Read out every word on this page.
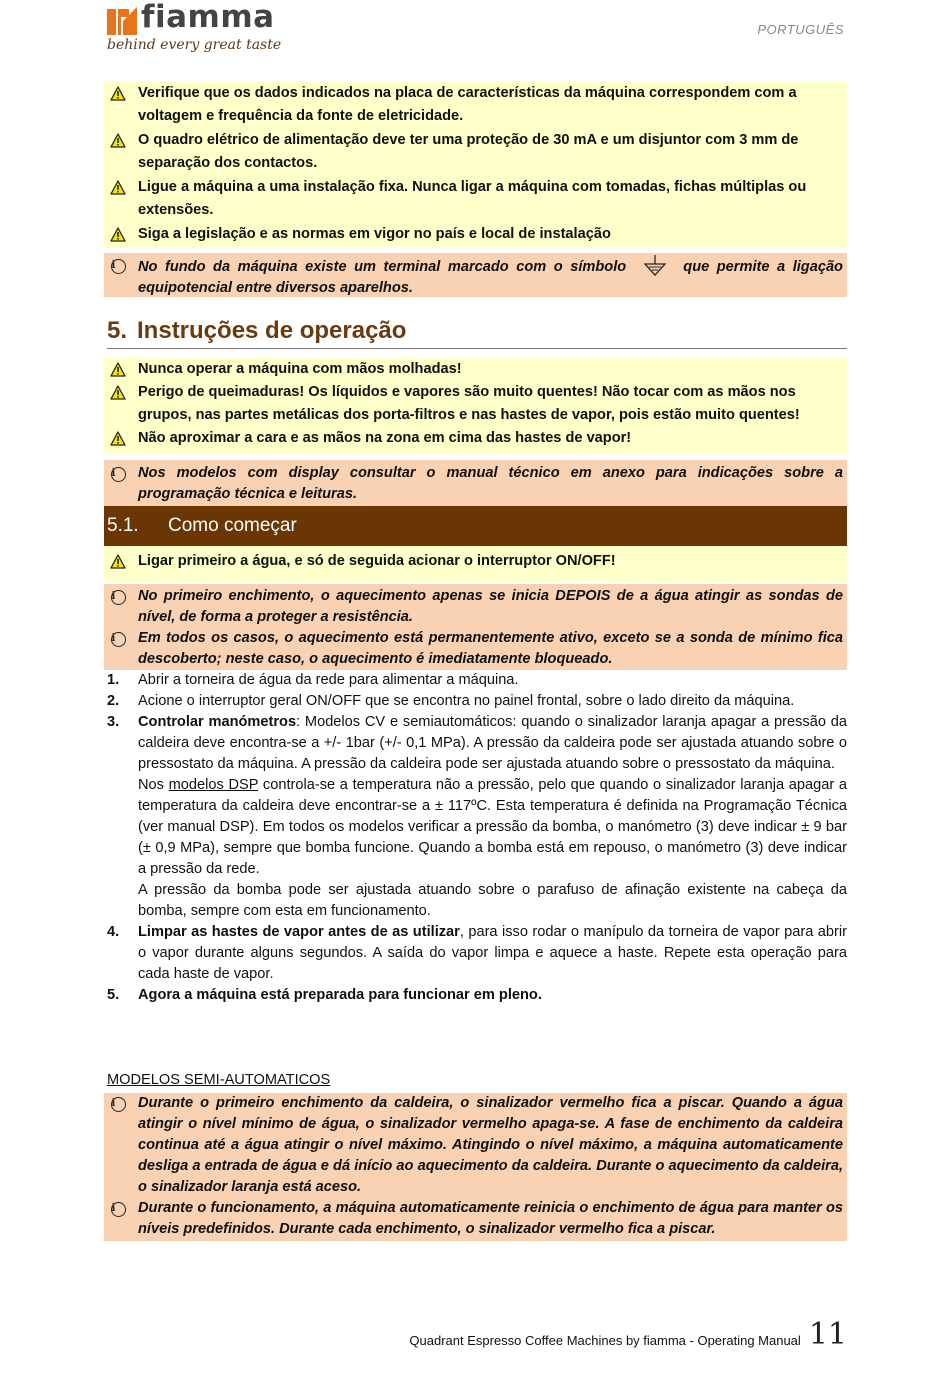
fiamma
behind every great taste
PORTUGUÊS
Verifique que os dados indicados na placa de características da máquina correspondem com a voltagem e frequência da fonte de eletricidade.
O quadro elétrico de alimentação deve ter uma proteção de 30 mA e um disjuntor com 3 mm de separação dos contactos.
Ligue a máquina a uma instalação fixa. Nunca ligar a máquina com tomadas, fichas múltiplas ou extensões.
Siga a legislação e as normas em vigor no país e local de instalação
i	No fundo da máquina existe um terminal marcado com o símbolo	que permite a ligação equipotencial entre diversos aparelhos.
5. Instruções de operação
Nunca operar a máquina com mãos molhadas!
Perigo de queimaduras! Os líquidos e vapores são muito quentes! Não tocar com as mãos nos grupos, nas partes metálicas dos porta-filtros e nas hastes de vapor, pois estão muito quentes!
Não aproximar a cara e as mãos na zona em cima das hastes de vapor!
i	Nos modelos com display consultar o manual técnico em anexo para indicações sobre a programação técnica e leituras.
5.1. Como começar
Ligar primeiro a água, e só de seguida acionar o interruptor ON/OFF!
i	No primeiro enchimento, o aquecimento apenas se inicia DEPOIS de a água atingir as sondas de nível, de forma a proteger a resistência.
i	Em todos os casos, o aquecimento está permanentemente ativo, exceto se a sonda de mínimo fica descoberto; neste caso, o aquecimento é imediatamente bloqueado.
1. Abrir a torneira de água da rede para alimentar a máquina.

2. Acione o interruptor geral ON/OFF que se encontra no painel frontal, sobre o lado direito da máquina.

3. Controlar manómetros: Modelos CV e semiautomáticos: quando o sinalizador laranja apagar a pressão da caldeira deve encontra-se a +/- 1bar (+/- 0,1 MPa). A pressão da caldeira pode ser ajustada atuando sobre o pressostato da máquina. A pressão da caldeira pode ser ajustada atuando sobre o pressostato da máquina.

Nos modelos DSP controla-se a temperatura não a pressão, pelo que quando o sinalizador laranja apagar a temperatura da caldeira deve encontrar-se a ± 117ºC. Esta temperatura é definida na Programação Técnica (ver manual DSP). Em todos os modelos verificar a pressão da bomba, o manómetro (3) deve indicar ± 9 bar (± 0,9 MPa), sempre que bomba funcione. Quando a bomba está em repouso, o manómetro (3) deve indicar a pressão da rede.

A pressão da bomba pode ser ajustada atuando sobre o parafuso de afinação existente na cabeça da bomba, sempre com esta em funcionamento.

4. Limpar as hastes de vapor antes de as utilizar, para isso rodar o manípulo da torneira de vapor para abrir o vapor durante alguns segundos. A saída do vapor limpa e aquece a haste. Repete esta operação para cada haste de vapor.

5. Agora a máquina está preparada para funcionar em pleno.

MODELOS SEMI-AUTOMATICOS
i	Durante o primeiro enchimento da caldeira, o sinalizador vermelho fica a piscar. Quando a água atingir o nível mínimo de água, o sinalizador vermelho apaga-se. A fase de enchimento da caldeira continua até a água atingir o nível máximo. Atingindo o nível máximo, a máquina automaticamente desliga a entrada de água e dá início ao aquecimento da caldeira. Durante o aquecimento da caldeira, o sinalizador laranja está aceso.
i	Durante o funcionamento, a máquina automaticamente reinicia o enchimento de água para manter os níveis predefinidos. Durante cada enchimento, o sinalizador vermelho fica a piscar.
Quadrant Espresso Coffee Machines by fiamma - Operating Manual 11
